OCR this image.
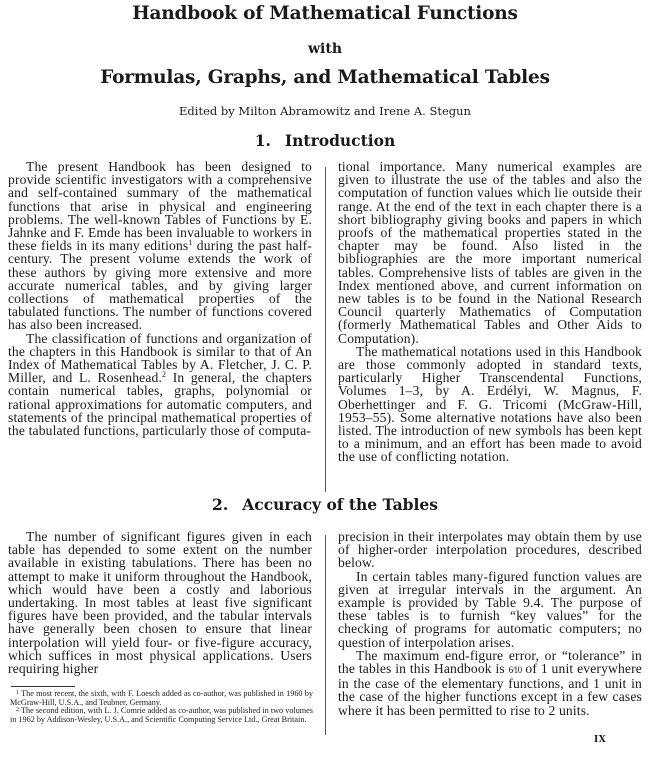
Handbook of Mathematical Functions
with
Formulas, Graphs, and Mathematical Tables
Edited by Milton Abramowitz and Irene A. Stegun
1. Introduction

The present Handbook has been designed to provide scientific investigators with a comprehensive and self-contained summary of the mathematical functions that arise in physical and engineering problems. The well-known Tables of Functions by E. Jahnke and F. Emde has been invaluable to workers in these fields in its many editions$^1$ during the past half-century. The present volume extends the work of these authors by giving more extensive and more accurate numerical tables, and by giving larger collections of mathematical properties of the tabulated functions. The number of functions covered has also been increased.

The classification of functions and organization of the chapters in this Handbook is similar to that of An Index of Mathematical Tables by A. Fletcher, J. C. P. Miller, and L. Rosenhead.$^2$ In general, the chapters contain numerical tables, graphs, polynomial or rational approximations for automatic computers, and statements of the principal mathematical properties of the tabulated functions, particularly those of computa-

tional importance. Many numerical examples are given to illustrate the use of the tables and also the computation of function values which lie outside their range. At the end of the text in each chapter there is a short bibliography giving books and papers in which proofs of the mathematical properties stated in the chapter may be found. Also listed in the bibliographies are the more important numerical tables. Comprehensive lists of tables are given in the Index mentioned above, and current information on new tables is to be found in the National Research Council quarterly Mathematics of Computation (formerly Mathematical Tables and Other Aids to Computation).

The mathematical notations used in this Handbook are those commonly adopted in standard texts, particularly Higher Transcendental Functions, Volumes 1–3, by A. Erdélyi, W. Magnus, F. Oberhettinger and F. G. Tricomi (McGraw-Hill, 1953–55). Some alternative notations have also been listed. The introduction of new symbols has been kept to a minimum, and an effort has been made to avoid the use of conflicting notation.

2. Accuracy of the Tables

The number of significant figures given in each table has depended to some extent on the number available in existing tabulations. There has been no attempt to make it uniform throughout the Handbook, which would have been a costly and laborious undertaking. In most tables at least five significant figures have been provided, and the tabular intervals have generally been chosen to ensure that linear interpolation will yield four- or five-figure accuracy, which suffices in most physical applications. Users requiring higher

precision in their interpolates may obtain them by use of higher-order interpolation procedures, described below.

In certain tables many-figured function values are given at irregular intervals in the argument. An example is provided by Table 9.4. The purpose of these tables is to furnish “key values” for the checking of programs for automatic computers; no question of interpolation arises.

The maximum end-figure error, or “tolerance” in the tables in this Handbook is 6⁄10 of 1 unit everywhere in the case of the elementary functions, and 1 unit in the case of the higher functions except in a few cases where it has been permitted to rise to 2 units.

$^1$ The most recent, the sixth, with F. Loesch added as co-author, was published in 1960 by McGraw-Hill, U.S.A., and Teubner, Germany.

$^2$ The second edition, with L. J. Comrie added as co-author, was published in two volumes in 1962 by Addison-Wesley, U.S.A., and Scientific Computing Service Ltd., Great Britain.

IX
